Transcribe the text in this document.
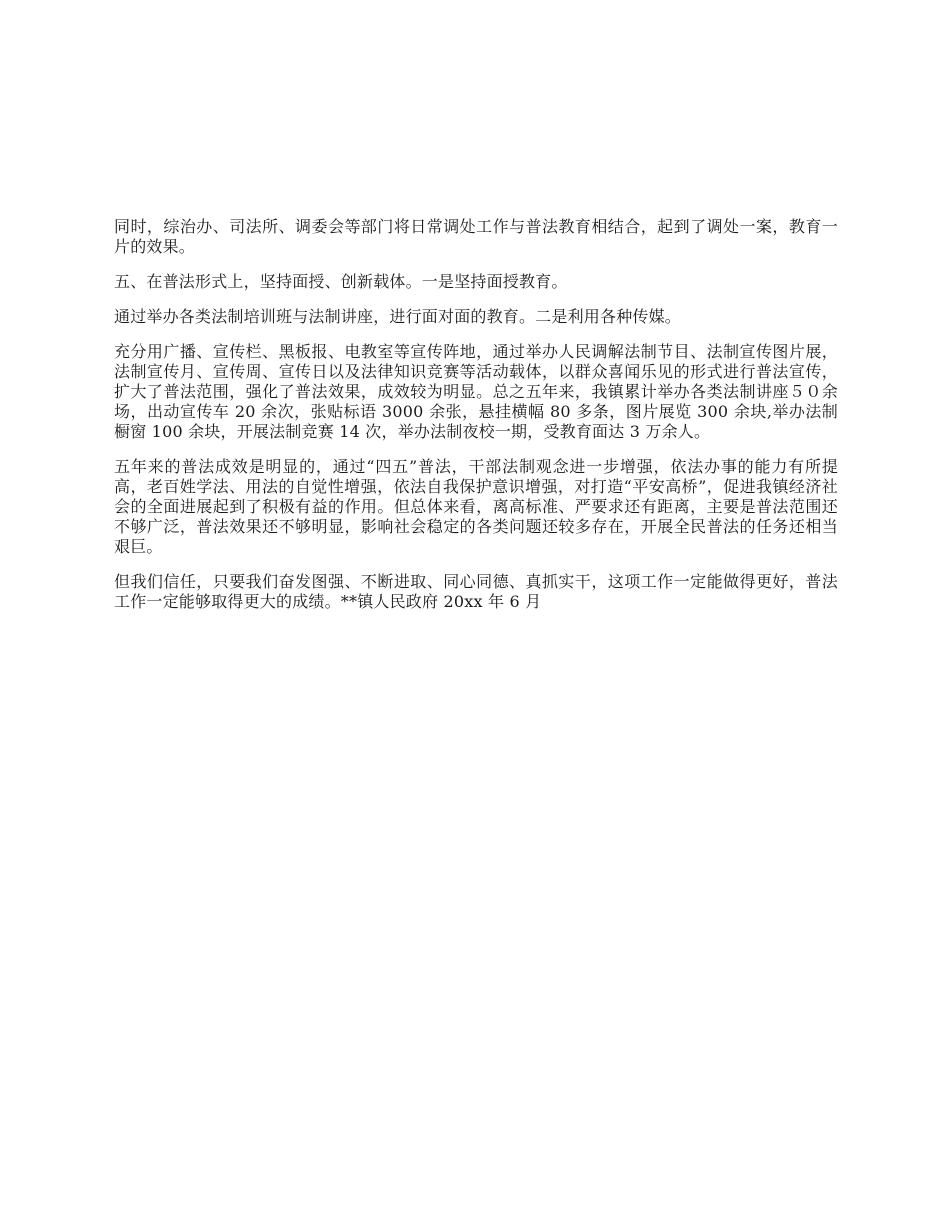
同时，综治办、司法所、调委会等部门将日常调处工作与普法教育相结合，起到了调处一案，教育一片的效果。

五、在普法形式上，坚持面授、创新载体。一是坚持面授教育。

通过举办各类法制培训班与法制讲座，进行面对面的教育。二是利用各种传媒。

充分用广播、宣传栏、黑板报、电教室等宣传阵地，通过举办人民调解法制节目、法制宣传图片展，法制宣传月、宣传周、宣传日以及法律知识竞赛等活动载体，以群众喜闻乐见的形式进行普法宣传，扩大了普法范围，强化了普法效果，成效较为明显。总之五年来，我镇累计举办各类法制讲座５０余场，出动宣传车 20 余次，张贴标语 3000 余张，悬挂横幅 80 多条，图片展览 300 余块,举办法制橱窗 100 余块，开展法制竞赛 14 次，举办法制夜校一期，受教育面达 3 万余人。

五年来的普法成效是明显的，通过“四五”普法，干部法制观念进一步增强，依法办事的能力有所提高，老百姓学法、用法的自觉性增强，依法自我保护意识增强，对打造“平安高桥”，促进我镇经济社会的全面进展起到了积极有益的作用。但总体来看，离高标准、严要求还有距离，主要是普法范围还不够广泛，普法效果还不够明显，影响社会稳定的各类问题还较多存在，开展全民普法的任务还相当艰巨。

但我们信任，只要我们奋发图强、不断进取、同心同德、真抓实干，这项工作一定能做得更好，普法工作一定能够取得更大的成绩。**镇人民政府 20xx 年 6 月
